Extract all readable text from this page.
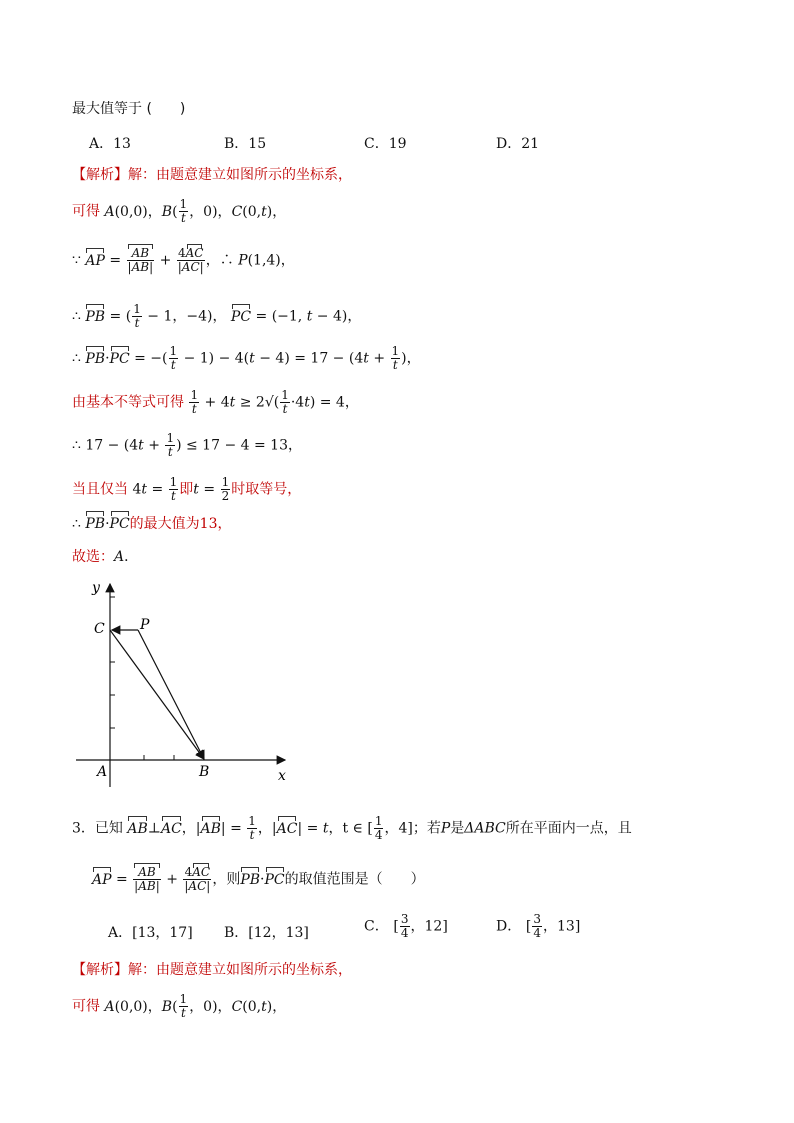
最大值等于 (　　)
A．13	B．15	C．19	D．21
【解析】解：由题意建立如图所示的坐标系，
可得 A(0,0)，$B( \frac{1}{t}$ ，0)，C(0,t)，
∵ AP = $\frac{AB}{|AB|} + \frac{4AC}{|AC|}$ ，∴ P(1,4)，
∴ PB = ( $\frac{1}{t} - 1$，−4)， PC = (−1, t − 4)，
∴ PB·PC = −( $\frac{1}{t} - 1) - 4(t - 4) = 17 - (4t + \frac{1}{t}$ )，
由基本不等式可得 $\frac{1}{t} + 4t \ge 2√( \frac{1}{t} \cdot 4t) = 4$，
∴ $17 - (4t + \frac{1}{t}$ ) ≤ 17 − 4 = 13，
当且仅当 $4t = \frac{1}{t}$ 即$t = \frac{1}{2}$ 时取等号，
∴ PB·PC的最大值为13，
故选：A．
y
x
C	P
A	B
3．已知 AB⊥AC，$|AB| = \frac{1}{t}$ ，|AC| = t，t ∈ [ $\frac{1}{4}$ ，4]；若P是ΔABC所在平面内一点，且
AP = $\frac{AB}{|AB|} + \frac{4AC}{|AC|}$ ，则PB·PC的取值范围是（　　）
A．[13，17] B．[12，13]	C． [ $\frac{3}{4}$ ，12]	D． [ $\frac{3}{4}$ ，13]
【解析】解：由题意建立如图所示的坐标系，
可得 A(0,0)，$B( \frac{1}{t}$ ，0)，C(0,t)，
